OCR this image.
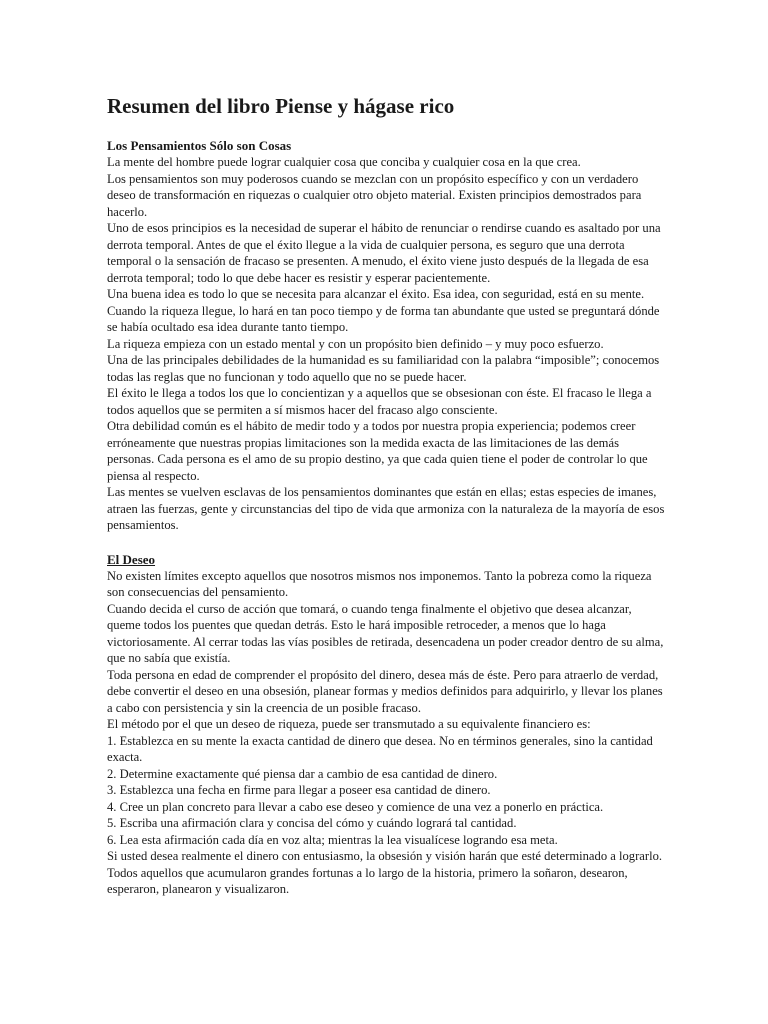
Resumen del libro Piense y hágase rico
Los Pensamientos Sólo son Cosas

La mente del hombre puede lograr cualquier cosa que conciba y cualquier cosa en la que crea.

Los pensamientos son muy poderosos cuando se mezclan con un propósito específico y con un verdadero deseo de transformación en riquezas o cualquier otro objeto material. Existen principios demostrados para hacerlo.

Uno de esos principios es la necesidad de superar el hábito de renunciar o rendirse cuando es asaltado por una derrota temporal. Antes de que el éxito llegue a la vida de cualquier persona, es seguro que una derrota temporal o la sensación de fracaso se presenten. A menudo, el éxito viene justo después de la llegada de esa derrota temporal; todo lo que debe hacer es resistir y esperar pacientemente.

Una buena idea es todo lo que se necesita para alcanzar el éxito. Esa idea, con seguridad, está en su mente. Cuando la riqueza llegue, lo hará en tan poco tiempo y de forma tan abundante que usted se preguntará dónde se había ocultado esa idea durante tanto tiempo.

La riqueza empieza con un estado mental y con un propósito bien definido – y muy poco esfuerzo.

Una de las principales debilidades de la humanidad es su familiaridad con la palabra “imposible”; conocemos todas las reglas que no funcionan y todo aquello que no se puede hacer.

El éxito le llega a todos los que lo concientizan y a aquellos que se obsesionan con éste. El fracaso le llega a todos aquellos que se permiten a sí mismos hacer del fracaso algo consciente.

Otra debilidad común es el hábito de medir todo y a todos por nuestra propia experiencia; podemos creer erróneamente que nuestras propias limitaciones son la medida exacta de las limitaciones de las demás personas. Cada persona es el amo de su propio destino, ya que cada quien tiene el poder de controlar lo que piensa al respecto.

Las mentes se vuelven esclavas de los pensamientos dominantes que están en ellas; estas especies de imanes, atraen las fuerzas, gente y circunstancias del tipo de vida que armoniza con la naturaleza de la mayoría de esos pensamientos.

El Deseo

No existen límites excepto aquellos que nosotros mismos nos imponemos. Tanto la pobreza como la riqueza son consecuencias del pensamiento.

Cuando decida el curso de acción que tomará, o cuando tenga finalmente el objetivo que desea alcanzar, queme todos los puentes que quedan detrás. Esto le hará imposible retroceder, a menos que lo haga victoriosamente. Al cerrar todas las vías posibles de retirada, desencadena un poder creador dentro de su alma, que no sabía que existía.

Toda persona en edad de comprender el propósito del dinero, desea más de éste. Pero para atraerlo de verdad, debe convertir el deseo en una obsesión, planear formas y medios definidos para adquirirlo, y llevar los planes a cabo con persistencia y sin la creencia de un posible fracaso.

El método por el que un deseo de riqueza, puede ser transmutado a su equivalente financiero es:

1. Establezca en su mente la exacta cantidad de dinero que desea. No en términos generales, sino la cantidad exacta.

2. Determine exactamente qué piensa dar a cambio de esa cantidad de dinero.

3. Establezca una fecha en firme para llegar a poseer esa cantidad de dinero.

4. Cree un plan concreto para llevar a cabo ese deseo y comience de una vez a ponerlo en práctica.

5. Escriba una afirmación clara y concisa del cómo y cuándo logrará tal cantidad.

6. Lea esta afirmación cada día en voz alta; mientras la lea visualícese logrando esa meta.

Si usted desea realmente el dinero con entusiasmo, la obsesión y visión harán que esté determinado a lograrlo. Todos aquellos que acumularon grandes fortunas a lo largo de la historia, primero la soñaron, desearon, esperaron, planearon y visualizaron.
